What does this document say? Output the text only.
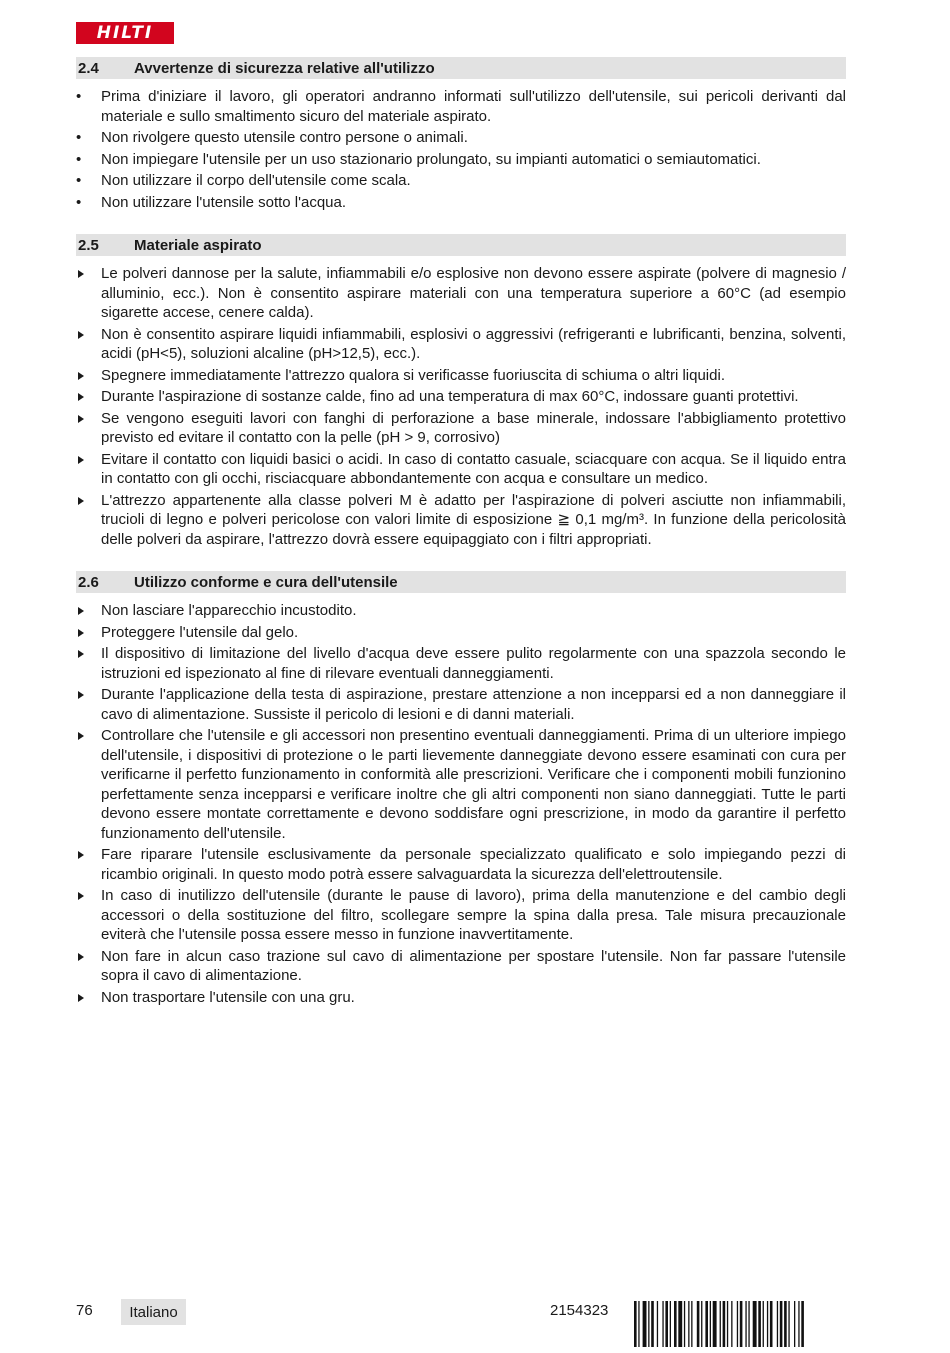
HILTI
2.4	Avvertenze di sicurezza relative all'utilizzo
•	Prima d'iniziare il lavoro, gli operatori andranno informati sull'utilizzo dell'utensile, sui pericoli derivanti dal materiale e sullo smaltimento sicuro del materiale aspirato.
•	Non rivolgere questo utensile contro persone o animali.
•	Non impiegare l'utensile per un uso stazionario prolungato, su impianti automatici o semiautomatici.
•	Non utilizzare il corpo dell'utensile come scala.
•	Non utilizzare l'utensile sotto l'acqua.
2.5	Materiale aspirato
Le polveri dannose per la salute, infiammabili e/o esplosive non devono essere aspirate (polvere di magnesio / alluminio, ecc.). Non è consentito aspirare materiali con una temperatura superiore a 60°C (ad esempio sigarette accese, cenere calda).
Non è consentito aspirare liquidi infiammabili, esplosivi o aggressivi (refrigeranti e lubrificanti, benzina, solventi, acidi (pH<5), soluzioni alcaline (pH>12,5), ecc.).
Spegnere immediatamente l'attrezzo qualora si verificasse fuoriuscita di schiuma o altri liquidi.
Durante l'aspirazione di sostanze calde, fino ad una temperatura di max 60°C, indossare guanti protettivi.
Se vengono eseguiti lavori con fanghi di perforazione a base minerale, indossare l'abbigliamento protettivo previsto ed evitare il contatto con la pelle (pH > 9, corrosivo)
Evitare il contatto con liquidi basici o acidi. In caso di contatto casuale, sciacquare con acqua. Se il liquido entra in contatto con gli occhi, risciacquare abbondantemente con acqua e consultare un medico.
L'attrezzo appartenente alla classe polveri M è adatto per l'aspirazione di polveri asciutte non infiammabili, trucioli di legno e polveri pericolose con valori limite di esposizione ≧ 0,1 mg/m³. In funzione della pericolosità delle polveri da aspirare, l'attrezzo dovrà essere equipaggiato con i filtri appropriati.
2.6	Utilizzo conforme e cura dell'utensile
Non lasciare l'apparecchio incustodito.
Proteggere l'utensile dal gelo.
Il dispositivo di limitazione del livello d'acqua deve essere pulito regolarmente con una spazzola secondo le istruzioni ed ispezionato al fine di rilevare eventuali danneggiamenti.
Durante l'applicazione della testa di aspirazione, prestare attenzione a non incepparsi ed a non danneggiare il cavo di alimentazione. Sussiste il pericolo di lesioni e di danni materiali.
Controllare che l'utensile e gli accessori non presentino eventuali danneggiamenti. Prima di un ulteriore impiego dell'utensile, i dispositivi di protezione o le parti lievemente danneggiate devono essere esaminati con cura per verificarne il perfetto funzionamento in conformità alle prescrizioni. Verificare che i componenti mobili funzionino perfettamente senza incepparsi e verificare inoltre che gli altri componenti non siano danneggiati. Tutte le parti devono essere montate correttamente e devono soddisfare ogni prescrizione, in modo da garantire il perfetto funzionamento dell'utensile.
Fare riparare l'utensile esclusivamente da personale specializzato qualificato e solo impiegando pezzi di ricambio originali. In questo modo potrà essere salvaguardata la sicurezza dell'elettroutensile.
In caso di inutilizzo dell'utensile (durante le pause di lavoro), prima della manutenzione e del cambio degli accessori o della sostituzione del filtro, scollegare sempre la spina dalla presa. Tale misura precauzionale eviterà che l'utensile possa essere messo in funzione inavvertitamente.
Non fare in alcun caso trazione sul cavo di alimentazione per spostare l'utensile. Non far passare l'utensile sopra il cavo di alimentazione.
Non trasportare l'utensile con una gru.
76	Italiano	2154323
